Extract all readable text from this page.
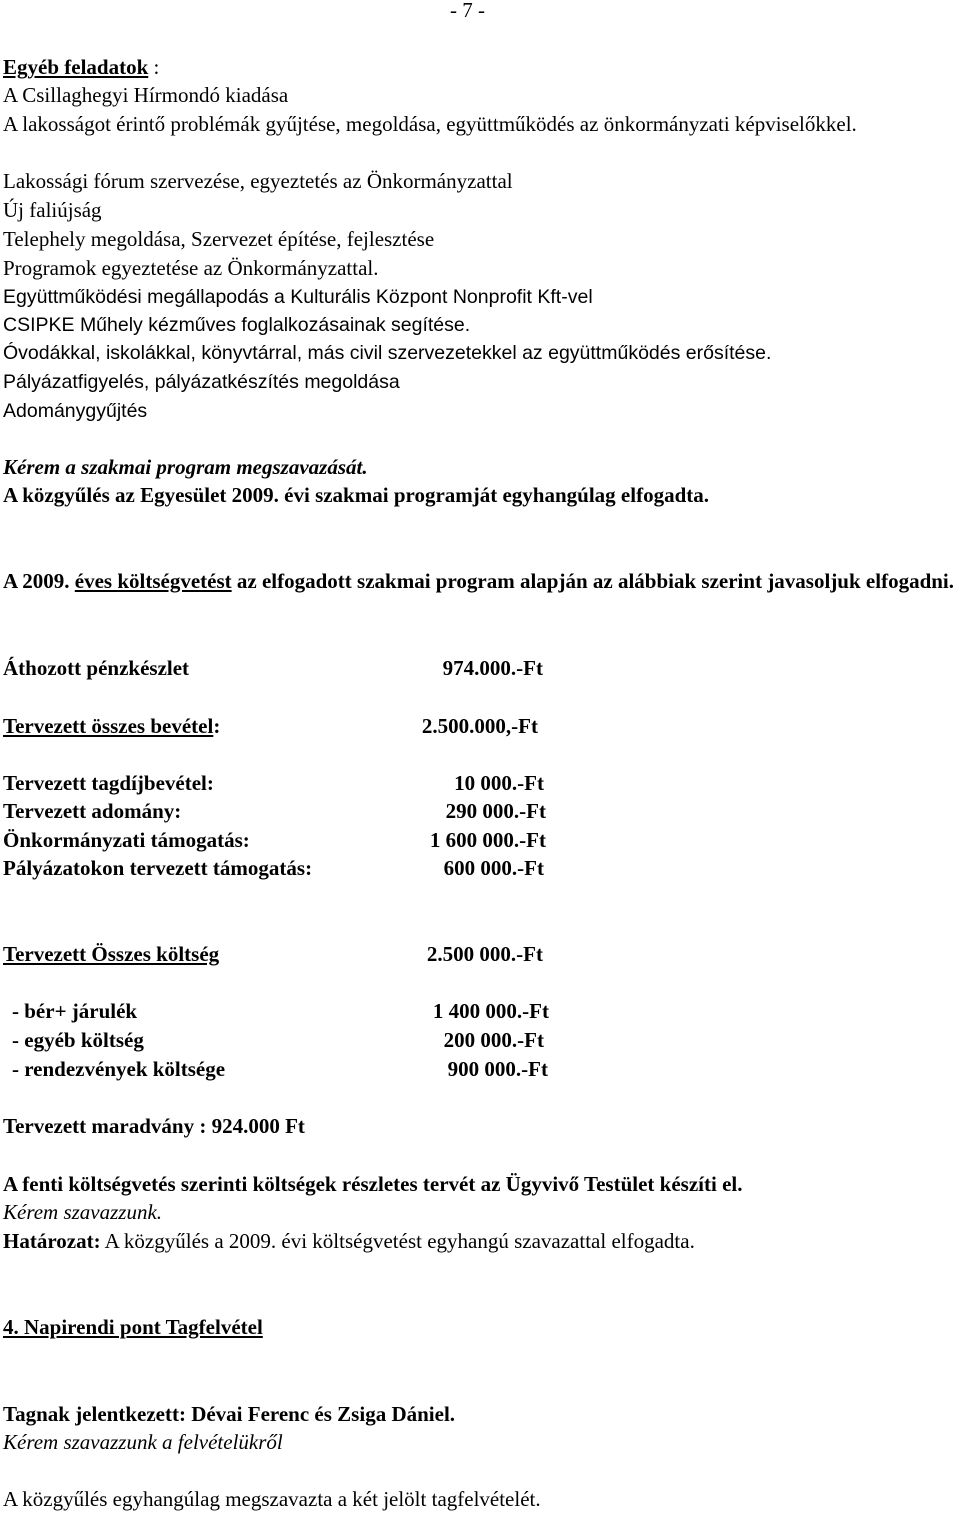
- 7 -
Egyéb feladatok :
A Csillaghegyi Hírmondó kiadása
A lakosságot érintő problémák gyűjtése, megoldása, együttműködés az önkormányzati képviselőkkel.
Lakossági fórum szervezése, egyeztetés az Önkormányzattal
Új faliújság
Telephely megoldása, Szervezet építése, fejlesztése
Programok egyeztetése az Önkormányzattal.
Együttműködési megállapodás a Kulturális Központ Nonprofit Kft-vel
CSIPKE Műhely kézműves foglalkozásainak segítése.
Óvodákkal, iskolákkal, könyvtárral, más civil szervezetekkel az együttműködés erősítése.
Pályázatfigyelés, pályázatkészítés megoldása
Adománygyűjtés
Kérem a szakmai program megszavazását.
A közgyűlés az Egyesület 2009. évi szakmai programját egyhangúlag elfogadta.
A 2009. éves költségvetést az elfogadott szakmai program alapján az alábbiak szerint javasoljuk elfogadni.
Áthozott pénzkészlet	974.000.-Ft
Tervezett összes bevétel:	2.500.000,-Ft
Tervezett tagdíjbevétel:	10 000.-Ft
Tervezett adomány:	290 000.-Ft
Önkormányzati támogatás:	1 600 000.-Ft
Pályázatokon tervezett támogatás:	600 000.-Ft
Tervezett Összes költség	2.500 000.-Ft
- bér+ járulék	1 400 000.-Ft
- egyéb költség	200 000.-Ft
- rendezvények költsége	900 000.-Ft
Tervezett maradvány : 924.000 Ft
A fenti költségvetés szerinti költségek részletes tervét az Ügyvivő Testület készíti el.
Kérem szavazzunk.
Határozat: A közgyűlés a 2009. évi költségvetést egyhangú szavazattal elfogadta.
4. Napirendi pont Tagfelvétel
Tagnak jelentkezett: Dévai Ferenc és Zsiga Dániel.
Kérem szavazzunk a felvételükről
A közgyűlés egyhangúlag megszavazta a két jelölt tagfelvételét.
